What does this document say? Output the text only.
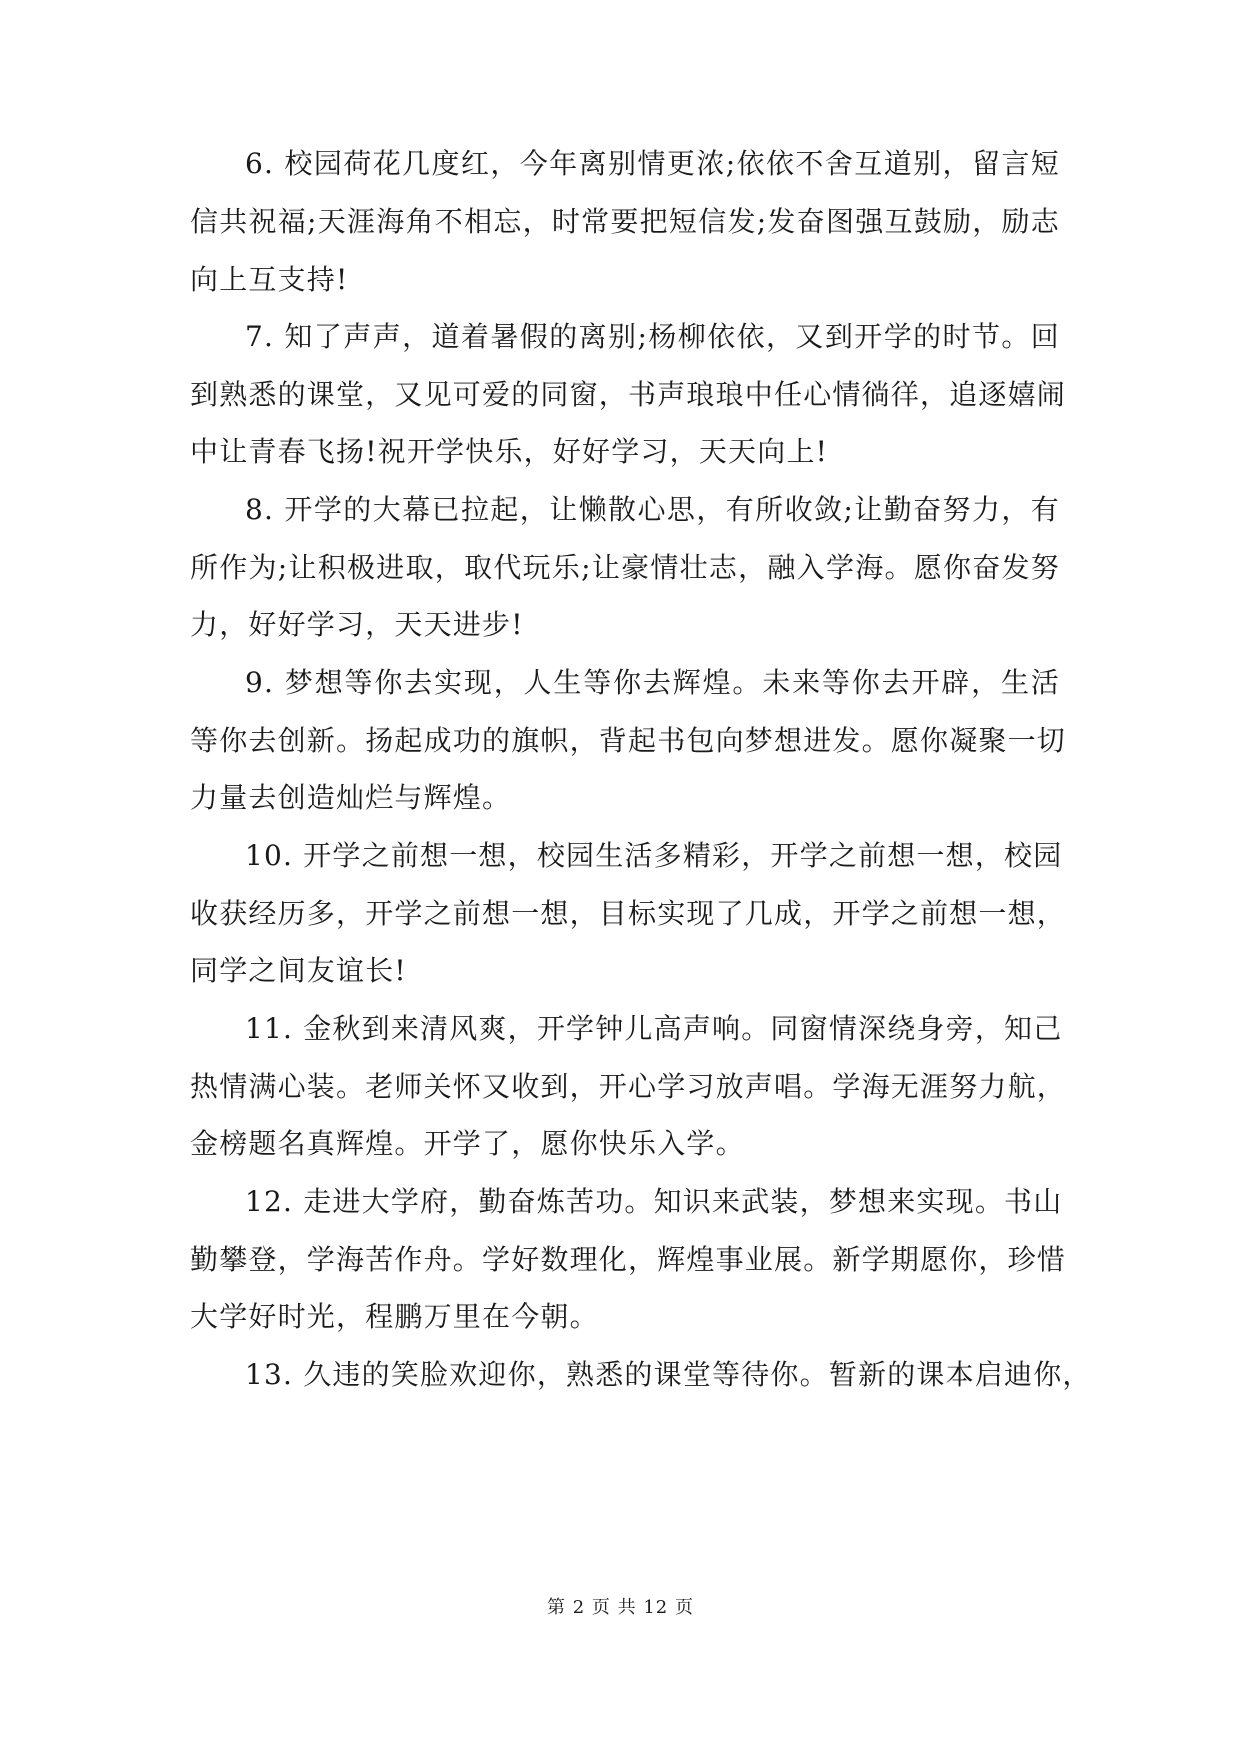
6. 校园荷花几度红，今年离别情更浓;依依不舍互道别，留言短

信共祝福;天涯海角不相忘，时常要把短信发;发奋图强互鼓励，励志

向上互支持!

7. 知了声声，道着暑假的离别;杨柳依依，又到开学的时节。回

到熟悉的课堂，又见可爱的同窗，书声琅琅中任心情徜徉，追逐嬉闹

中让青春飞扬!祝开学快乐，好好学习，天天向上!

8. 开学的大幕已拉起，让懒散心思，有所收敛;让勤奋努力，有

所作为;让积极进取，取代玩乐;让豪情壮志，融入学海。愿你奋发努

力，好好学习，天天进步!

9. 梦想等你去实现，人生等你去辉煌。未来等你去开辟，生活

等你去创新。扬起成功的旗帜，背起书包向梦想进发。愿你凝聚一切

力量去创造灿烂与辉煌。

10. 开学之前想一想，校园生活多精彩，开学之前想一想，校园

收获经历多，开学之前想一想，目标实现了几成，开学之前想一想，

同学之间友谊长!

11. 金秋到来清风爽，开学钟儿高声响。同窗情深绕身旁，知己

热情满心装。老师关怀又收到，开心学习放声唱。学海无涯努力航，

金榜题名真辉煌。开学了，愿你快乐入学。

12. 走进大学府，勤奋炼苦功。知识来武装，梦想来实现。书山

勤攀登，学海苦作舟。学好数理化，辉煌事业展。新学期愿你，珍惜

大学好时光，程鹏万里在今朝。

13. 久违的笑脸欢迎你，熟悉的课堂等待你。暂新的课本启迪你，

第 2 页 共 12 页
